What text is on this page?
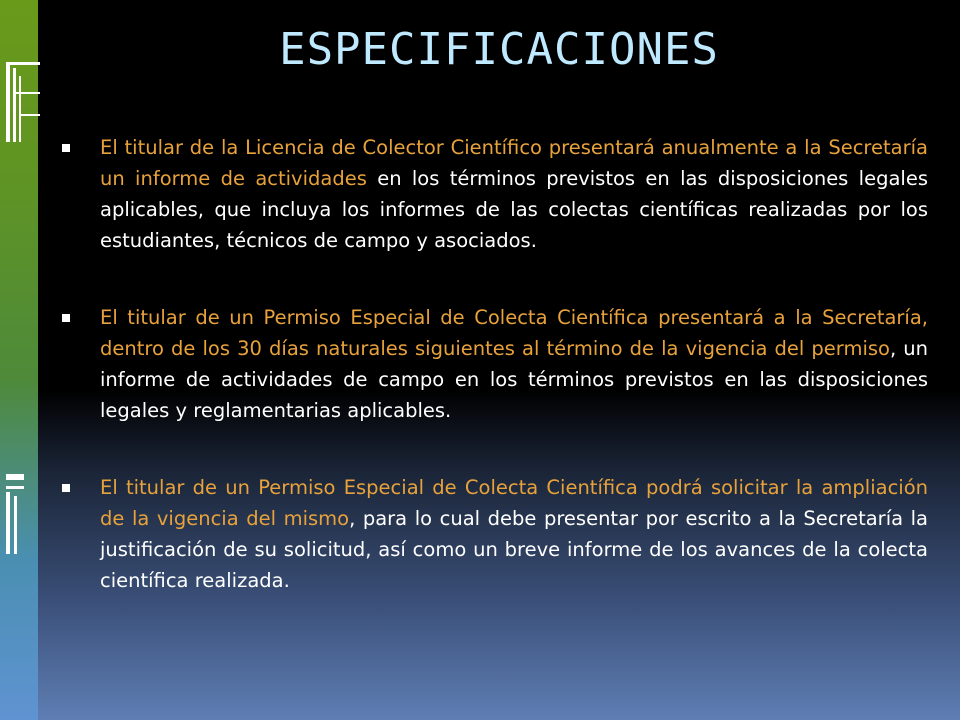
ESPECIFICACIONES
El titular de la Licencia de Colector Científico presentará anualmente a la Secretaría un informe de actividades en los términos previstos en las disposiciones legales aplicables, que incluya los informes de las colectas científicas realizadas por los estudiantes, técnicos de campo y asociados.
El titular de un Permiso Especial de Colecta Científica presentará a la Secretaría, dentro de los 30 días naturales siguientes al término de la vigencia del permiso, un informe de actividades de campo en los términos previstos en las disposiciones legales y reglamentarias aplicables.
El titular de un Permiso Especial de Colecta Científica podrá solicitar la ampliación de la vigencia del mismo, para lo cual debe presentar por escrito a la Secretaría la justificación de su solicitud, así como un breve informe de los avances de la colecta científica realizada.
